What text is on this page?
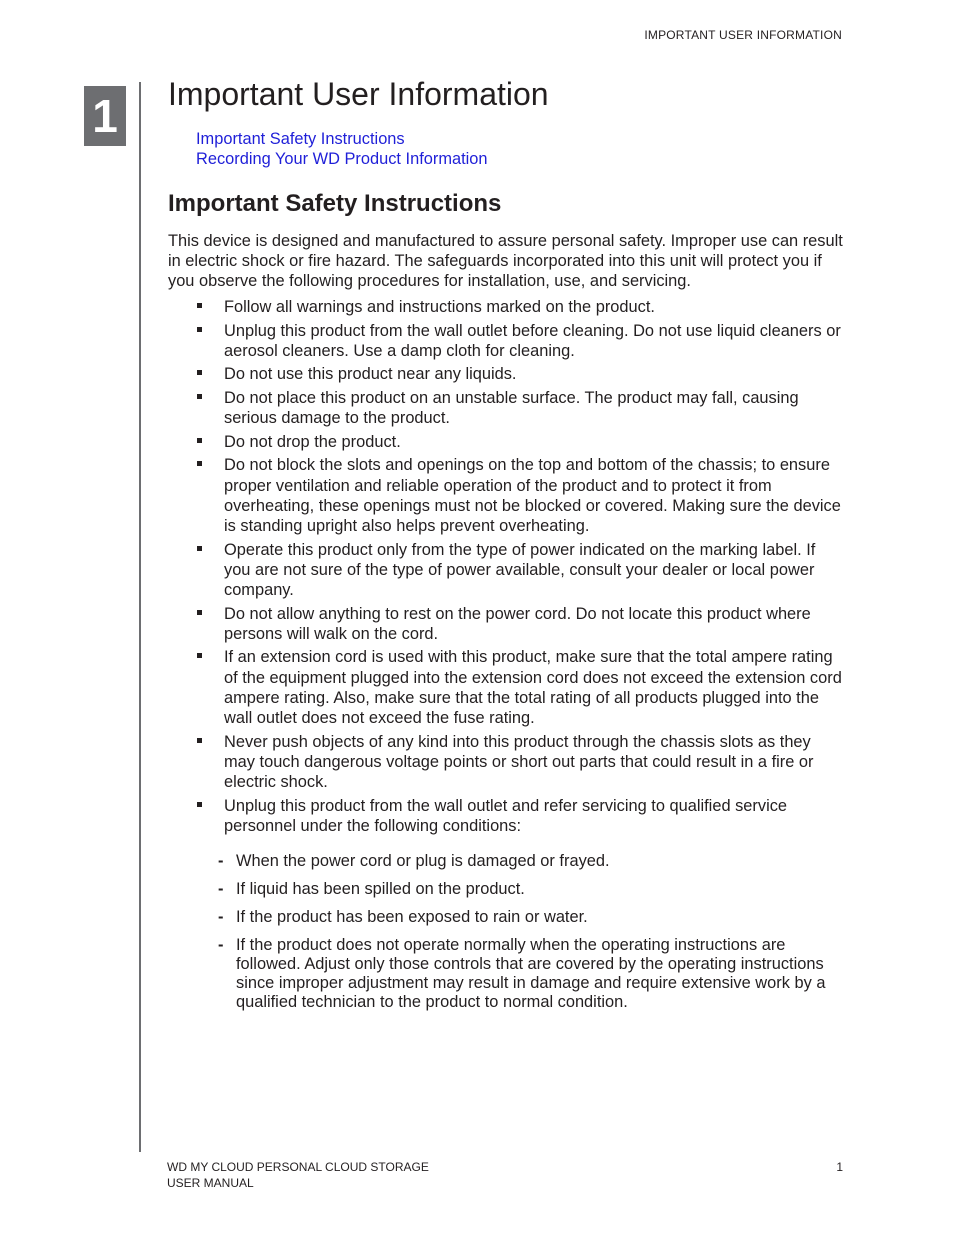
IMPORTANT USER INFORMATION
1 Important User Information
Important Safety Instructions
Recording Your WD Product Information
Important Safety Instructions

This device is designed and manufactured to assure personal safety. Improper use can result in electric shock or fire hazard. The safeguards incorporated into this unit will protect you if you observe the following procedures for installation, use, and servicing.

Follow all warnings and instructions marked on the product.
Unplug this product from the wall outlet before cleaning. Do not use liquid cleaners or aerosol cleaners. Use a damp cloth for cleaning.
Do not use this product near any liquids.
Do not place this product on an unstable surface. The product may fall, causing serious damage to the product.
Do not drop the product.
Do not block the slots and openings on the top and bottom of the chassis; to ensure proper ventilation and reliable operation of the product and to protect it from overheating, these openings must not be blocked or covered. Making sure the device is standing upright also helps prevent overheating.
Operate this product only from the type of power indicated on the marking label. If you are not sure of the type of power available, consult your dealer or local power company.
Do not allow anything to rest on the power cord. Do not locate this product where persons will walk on the cord.
If an extension cord is used with this product, make sure that the total ampere rating of the equipment plugged into the extension cord does not exceed the extension cord ampere rating. Also, make sure that the total rating of all products plugged into the wall outlet does not exceed the fuse rating.
Never push objects of any kind into this product through the chassis slots as they may touch dangerous voltage points or short out parts that could result in a fire or electric shock.
Unplug this product from the wall outlet and refer servicing to qualified service personnel under the following conditions:
- When the power cord or plug is damaged or frayed.
- If liquid has been spilled on the product.
- If the product has been exposed to rain or water.
- If the product does not operate normally when the operating instructions are followed. Adjust only those controls that are covered by the operating instructions since improper adjustment may result in damage and require extensive work by a qualified technician to the product to normal condition.
WD MY CLOUD PERSONAL CLOUD STORAGE
USER MANUAL
1
